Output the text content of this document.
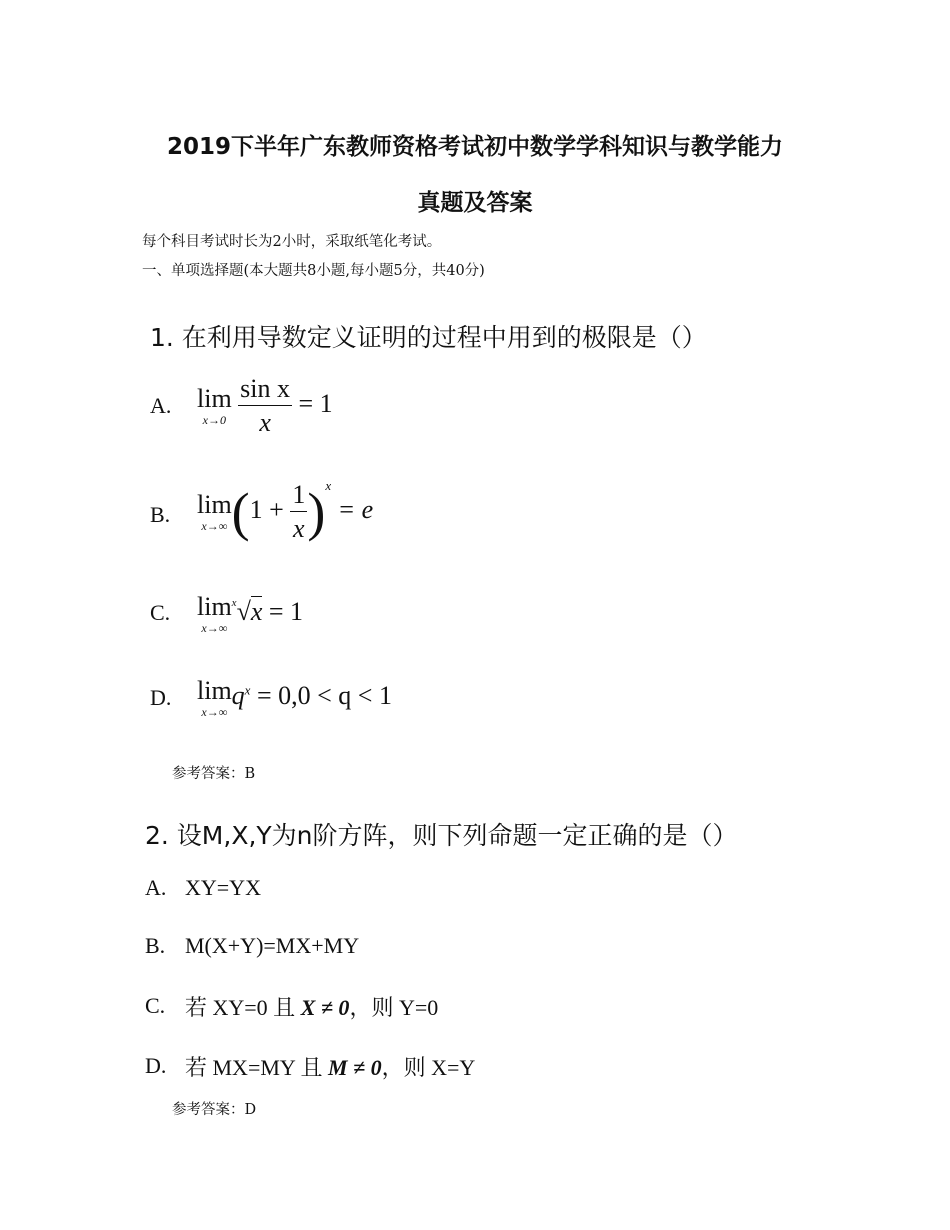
2019下半年广东教师资格考试初中数学学科知识与教学能力
真题及答案
每个科目考试时长为2小时，采取纸笔化考试。
一、单项选择题(本大题共8小题,每小题5分，共40分)
1. 在利用导数定义证明的过程中用到的极限是（）
A. lim
x→0
$\frac{\text{sin x}}{x} = 1$
B. lim
x→∞ $(1 + \frac{1}{x} )^x = e$
C. lim
x→∞
$^x$√x = 1
D. lim
x→∞
$q^x = 0,0 < q < 1$
参考答案：B
2. 设M,X,Y为n阶方阵，则下列命题一定正确的是（）
A. XY=YX
B. M(X+Y)=MX+MY
C. 若 XY=0 且 X ≠ 0，则 Y=0
D. 若 MX=MY 且 M ≠ 0，则 X=Y
参考答案：D
